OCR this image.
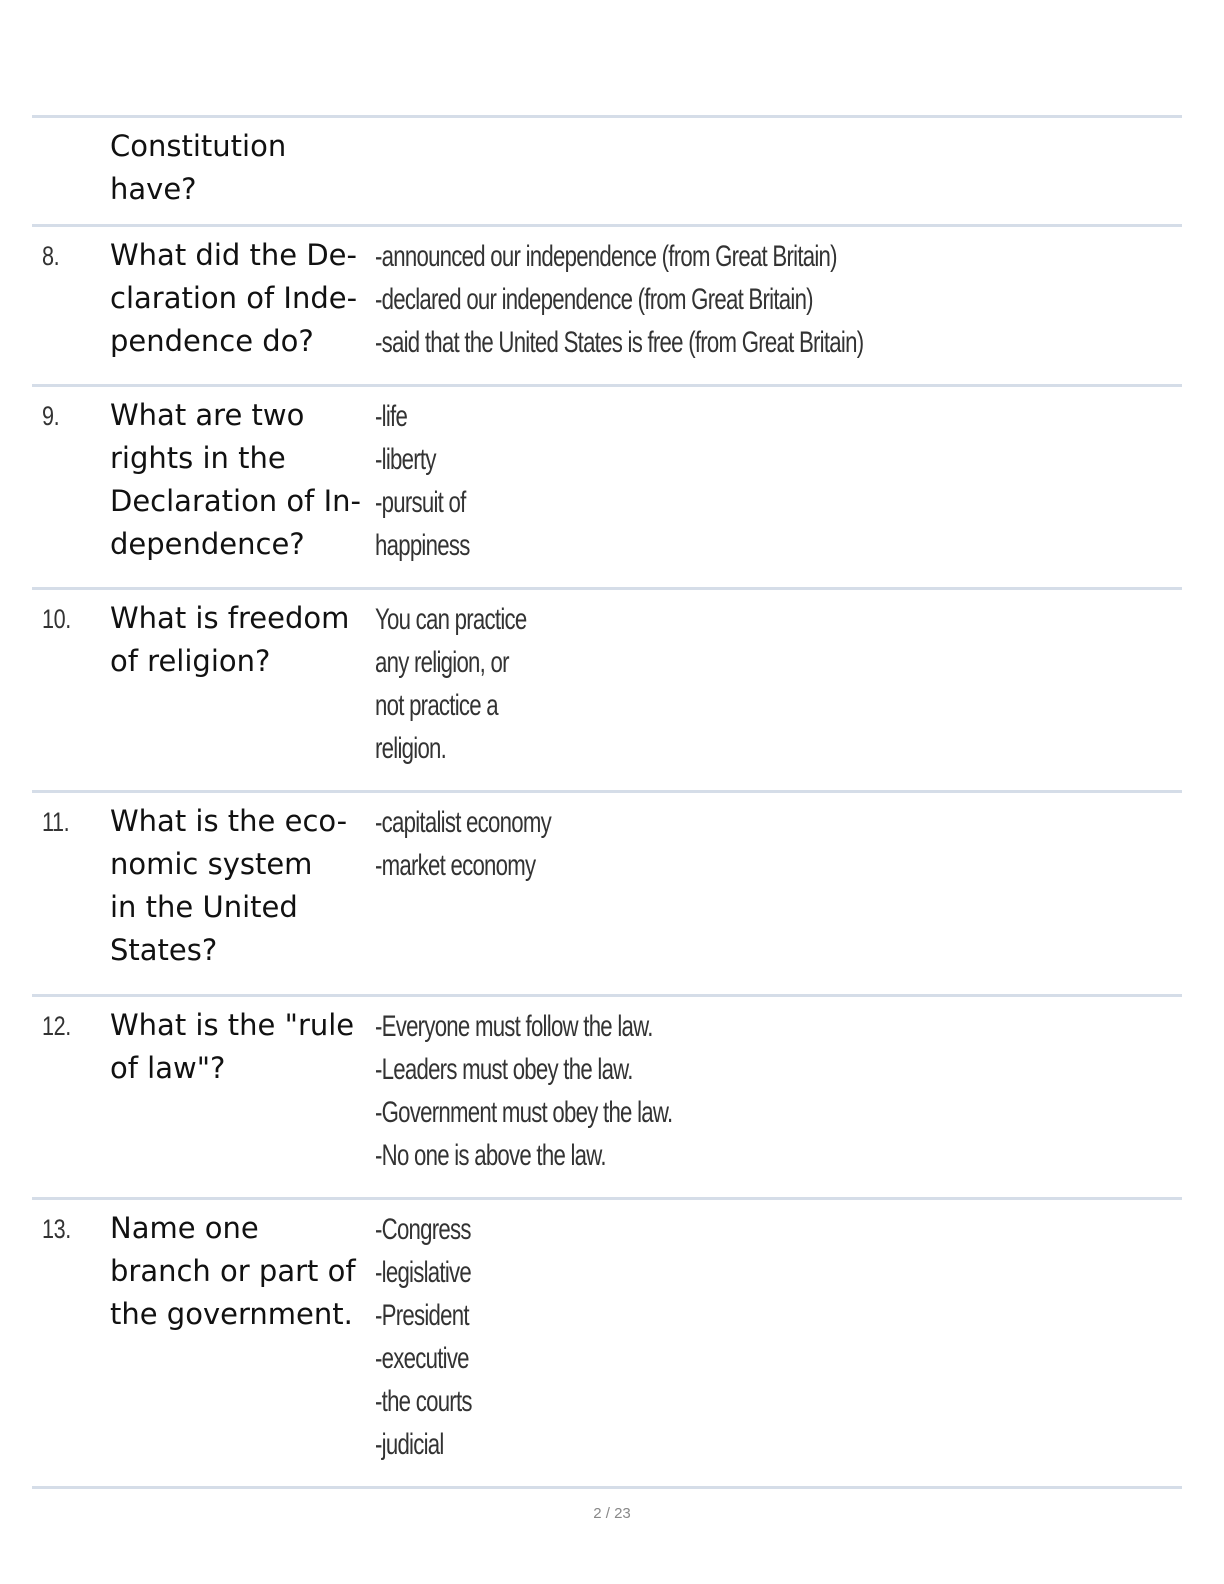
Constitution
have?
8. What did the De-
claration of Inde-
pendence do?
-announced our independence (from Great Britain)
-declared our independence (from Great Britain)
-said that the United States is free (from Great Britain)
9. What are two
rights in the
Declaration of In-
dependence?
-life
-liberty
-pursuit of
happiness
10. What is freedom
of religion?
You can practice
any religion, or
not practice a
religion.
11. What is the eco-
nomic system
in the United
States?
-capitalist economy
-market economy
12. What is the "rule
of law"?
-Everyone must follow the law.
-Leaders must obey the law.
-Government must obey the law.
-No one is above the law.
13. Name one
branch or part of
the government.
-Congress
-legislative
-President
-executive
-the courts
-judicial
2 / 23
